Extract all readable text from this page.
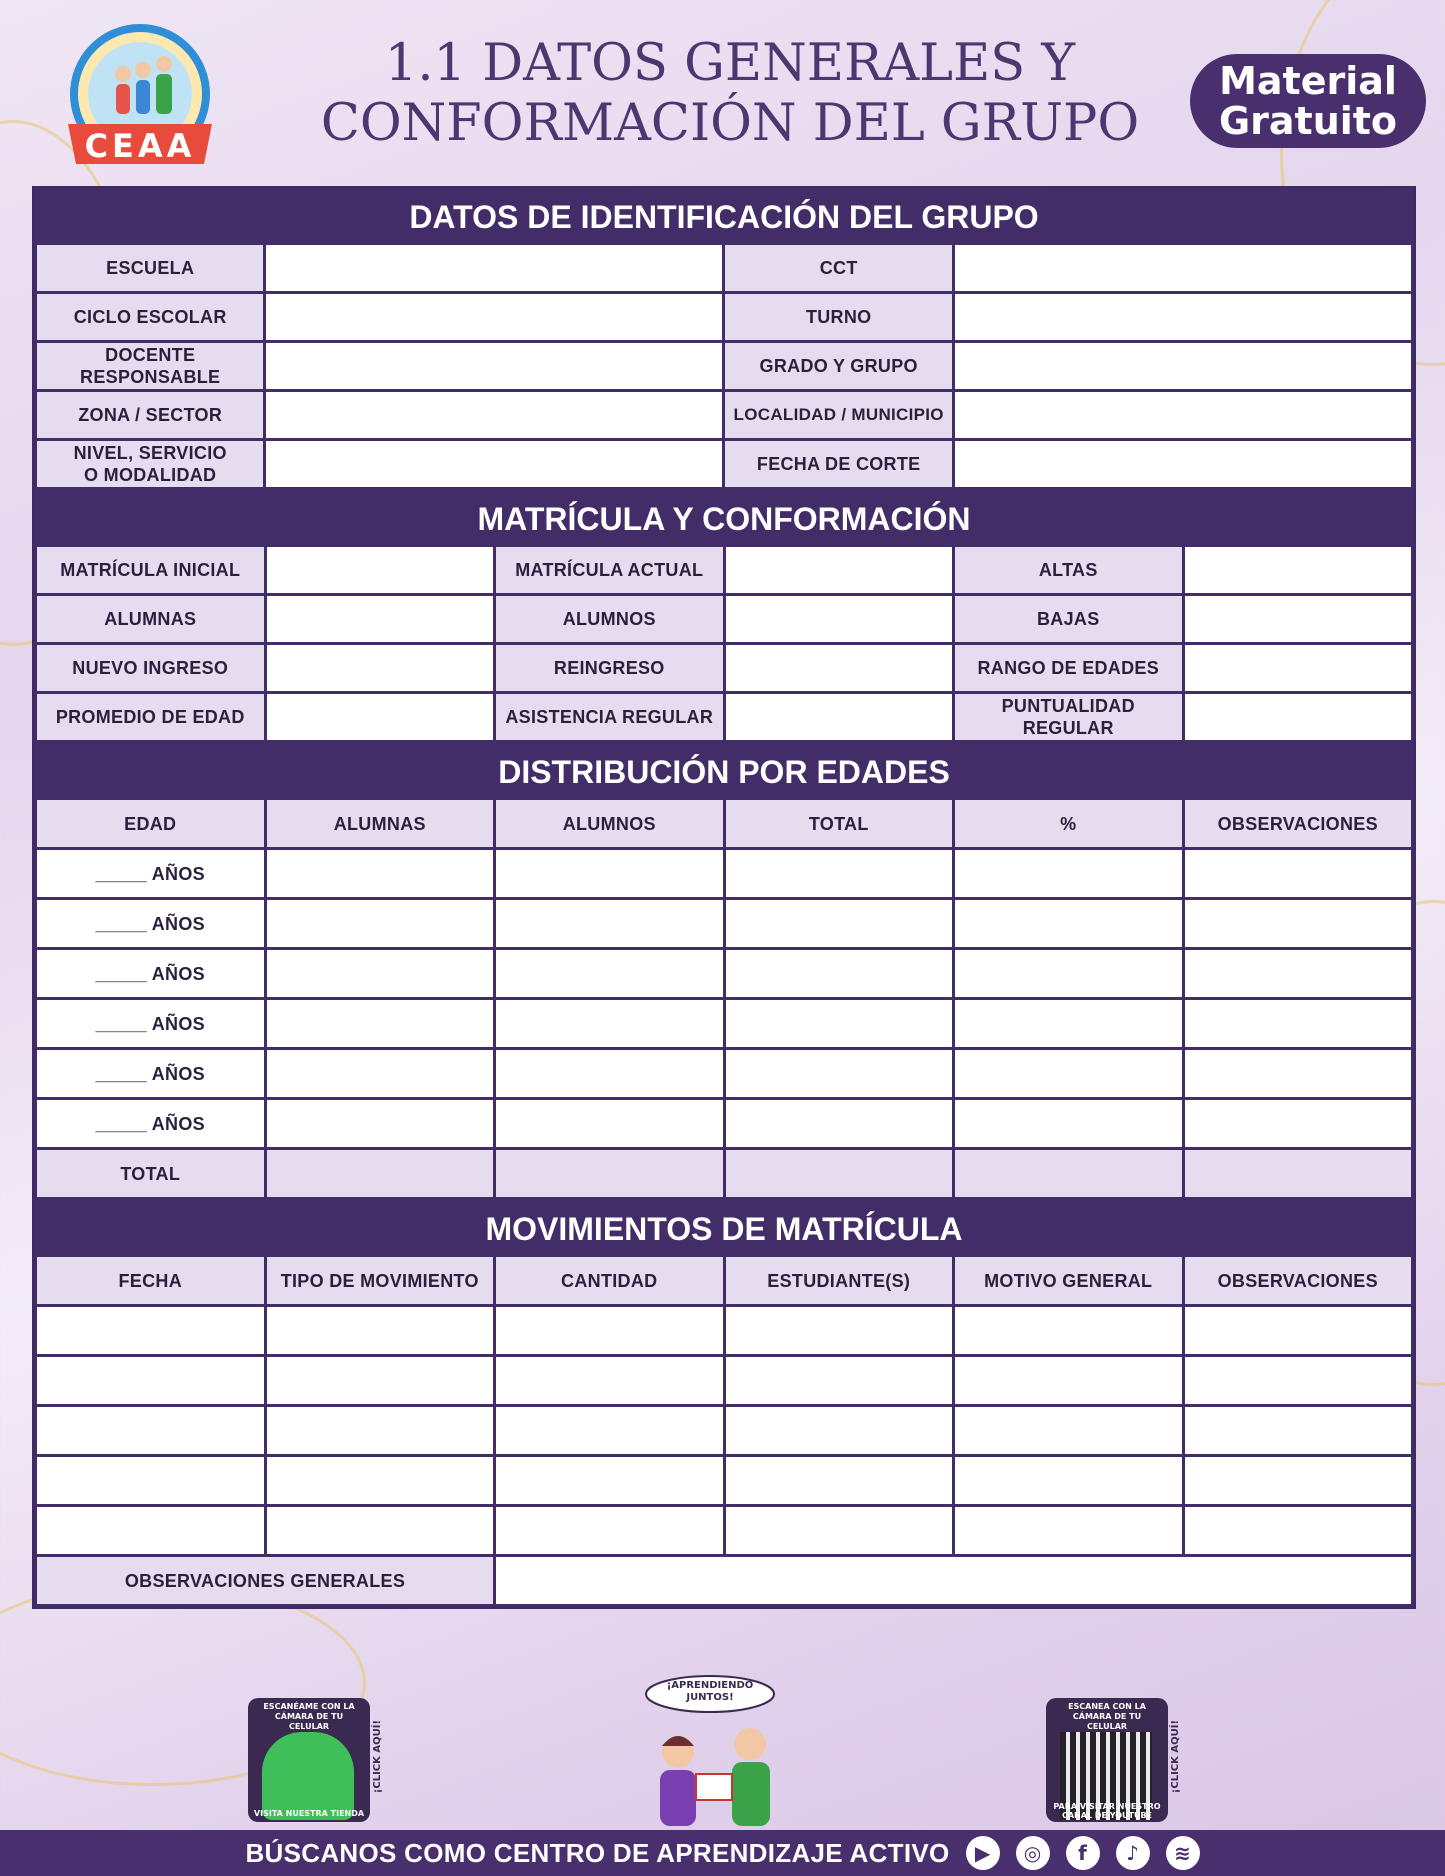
CEAA
1.1 DATOS GENERALES Y
CONFORMACIÓN DEL GRUPO
Material
Gratuito
DATOS DE IDENTIFICACIÓN DEL GRUPO
ESCUELA		CCT	
CICLO ESCOLAR		TURNO	
DOCENTE RESPONSABLE		GRADO Y GRUPO	
ZONA / SECTOR		LOCALIDAD / MUNICIPIO	
NIVEL, SERVICIO O MODALIDAD		FECHA DE CORTE	
MATRÍCULA Y CONFORMACIÓN
MATRÍCULA INICIAL		MATRÍCULA ACTUAL		ALTAS	
ALUMNAS		ALUMNOS		BAJAS	
NUEVO INGRESO		REINGRESO		RANGO DE EDADES	
PROMEDIO DE EDAD		ASISTENCIA REGULAR		PUNTUALIDAD REGULAR	
DISTRIBUCIÓN POR EDADES
EDAD	ALUMNAS	ALUMNOS	TOTAL	%	OBSERVACIONES
_____ AÑOS					
_____ AÑOS					
_____ AÑOS					
_____ AÑOS					
_____ AÑOS					
_____ AÑOS					
TOTAL					
MOVIMIENTOS DE MATRÍCULA
FECHA	TIPO DE MOVIMIENTO	CANTIDAD	ESTUDIANTE(S)	MOTIVO GENERAL	OBSERVACIONES

OBSERVACIONES GENERALES					
ESCANÉAME CON LA CÁMARA DE TU CELULAR
VISITA NUESTRA TIENDA
¡CLICK AQUÍ!
¡APRENDIENDO JUNTOS!
ESCANEA CON LA CÁMARA DE TU CELULAR
PARA VISITAR NUESTRO CANAL DE YOUTUBE
¡CLICK AQUÍ!
BÚSCANOS COMO CENTRO DE APRENDIZAJE ACTIVO	▶	◎	f	♪	≋
